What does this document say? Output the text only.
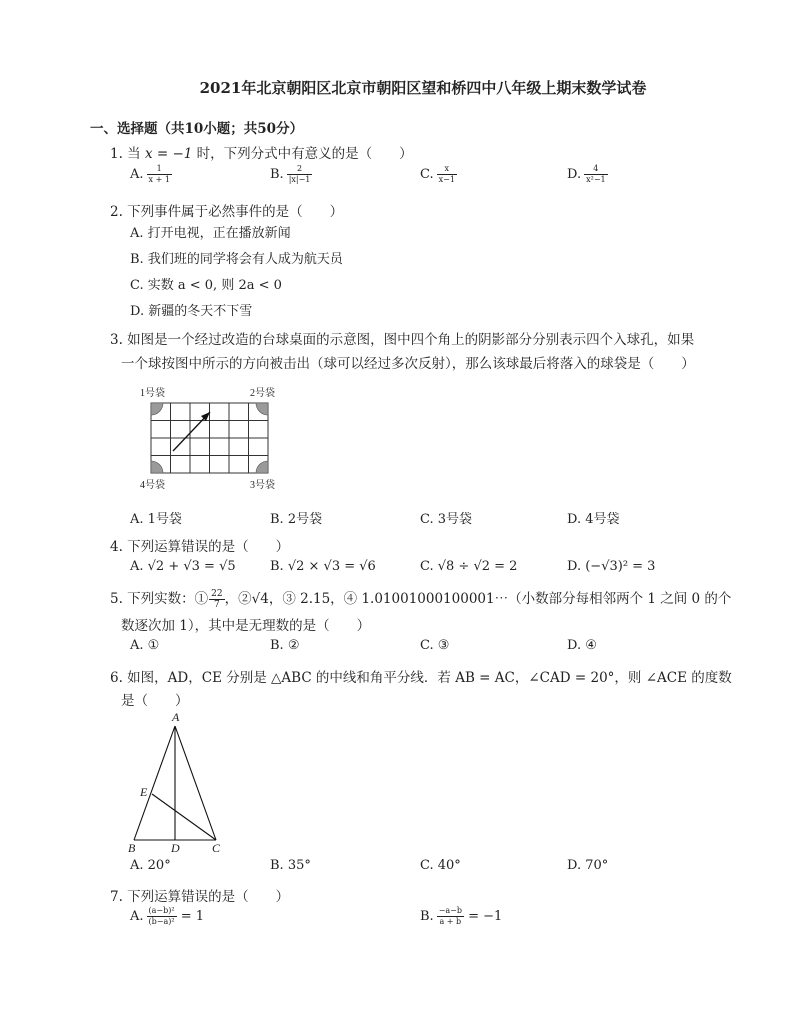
2021年北京朝阳区北京市朝阳区望和桥四中八年级上期末数学试卷
一、选择题（共10小题；共50分）
1. 当 x = −1 时，下列分式中有意义的是（　　）
A. $\frac{1}{x + 1}$	B. $\frac{2}{|x|-1}$	C. $\frac{x}{x-1}$	D. $\frac{4}{\text{x²−1}}$
2. 下列事件属于必然事件的是（　　）
A. 打开电视，正在播放新闻
B. 我们班的同学将会有人成为航天员
C. 实数 a < 0, 则 2a < 0
D. 新疆的冬天不下雪
3. 如图是一个经过改造的台球桌面的示意图，图中四个角上的阴影部分分别表示四个入球孔，如果
一个球按图中所示的方向被击出（球可以经过多次反射），那么该球最后将落入的球袋是（　　）
1号袋	2号袋
4号袋	3号袋
A. 1号袋	B. 2号袋	C. 3号袋	D. 4号袋
4. 下列运算错误的是（　　）
A. √2 + √3 = √5	B. √2 × √3 = √6	C. √8 ÷ √2 = 2	D. (−√3)² = 3
5. 下列实数：① $\frac{22}{7}$ ，②√4，③ 2.15，④ 1.01001000100001⋯（小数部分每相邻两个 1 之间 0 的个
数逐次加 1），其中是无理数的是（　　）
A. ①	B. ②	C. ③	D. ④
6. 如图，AD，CE 分别是 △ABC 的中线和角平分线．若 AB = AC，∠CAD = 20°，则 ∠ACE 的度数
是（　　）
A
B	C
D
E
A. 20°	B. 35°	C. 40°	D. 70°
7. 下列运算错误的是（　　）
A. $\frac{\text{(a−b)²}}{\text{(b−a)²}} = 1$	B. $\frac{-a-b}{a + b} = -1$
